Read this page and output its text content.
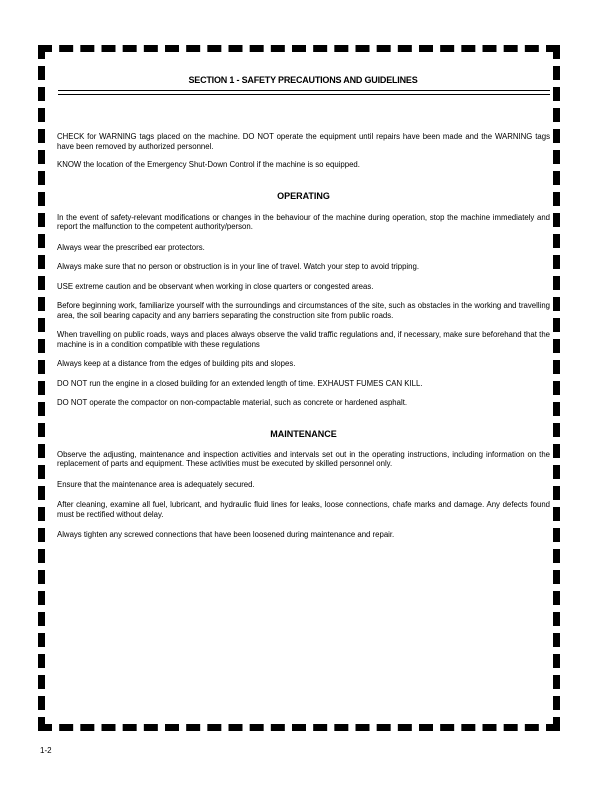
SECTION 1 - SAFETY PRECAUTIONS AND GUIDELINES

CHECK for WARNING tags placed on the machine. DO NOT operate the equipment until repairs have been made and the WARNING tags have been removed by authorized personnel.

KNOW the location of the Emergency Shut-Down Control if the machine is so equipped.

OPERATING

In the event of safety-relevant modifications or changes in the behaviour of the machine during operation, stop the machine immediately and report the malfunction to the competent authority/person.

Always wear the prescribed ear protectors.

Always make sure that no person or obstruction is in your line of travel. Watch your step to avoid tripping.

USE extreme caution and be observant when working in close quarters or congested areas.

Before beginning work, familiarize yourself with the surroundings and circumstances of the site, such as obstacles in the working and travelling area, the soil bearing capacity and any barriers separating the construction site from public roads.

When travelling on public roads, ways and places always observe the valid traffic regulations and, if necessary, make sure beforehand that the machine is in a condition compatible with these regulations

Always keep at a distance from the edges of building pits and slopes.

DO NOT run the engine in a closed building for an extended length of time. EXHAUST FUMES CAN KILL.

DO NOT operate the compactor on non-compactable material, such as concrete or hardened asphalt.

MAINTENANCE

Observe the adjusting, maintenance and inspection activities and intervals set out in the operating instructions, including information on the replacement of parts and equipment. These activities must be executed by skilled personnel only.

Ensure that the maintenance area is adequately secured.

After cleaning, examine all fuel, lubricant, and hydraulic fluid lines for leaks, loose connections, chafe marks and damage. Any defects found must be rectified without delay.

Always tighten any screwed connections that have been loosened during maintenance and repair.

1-2
